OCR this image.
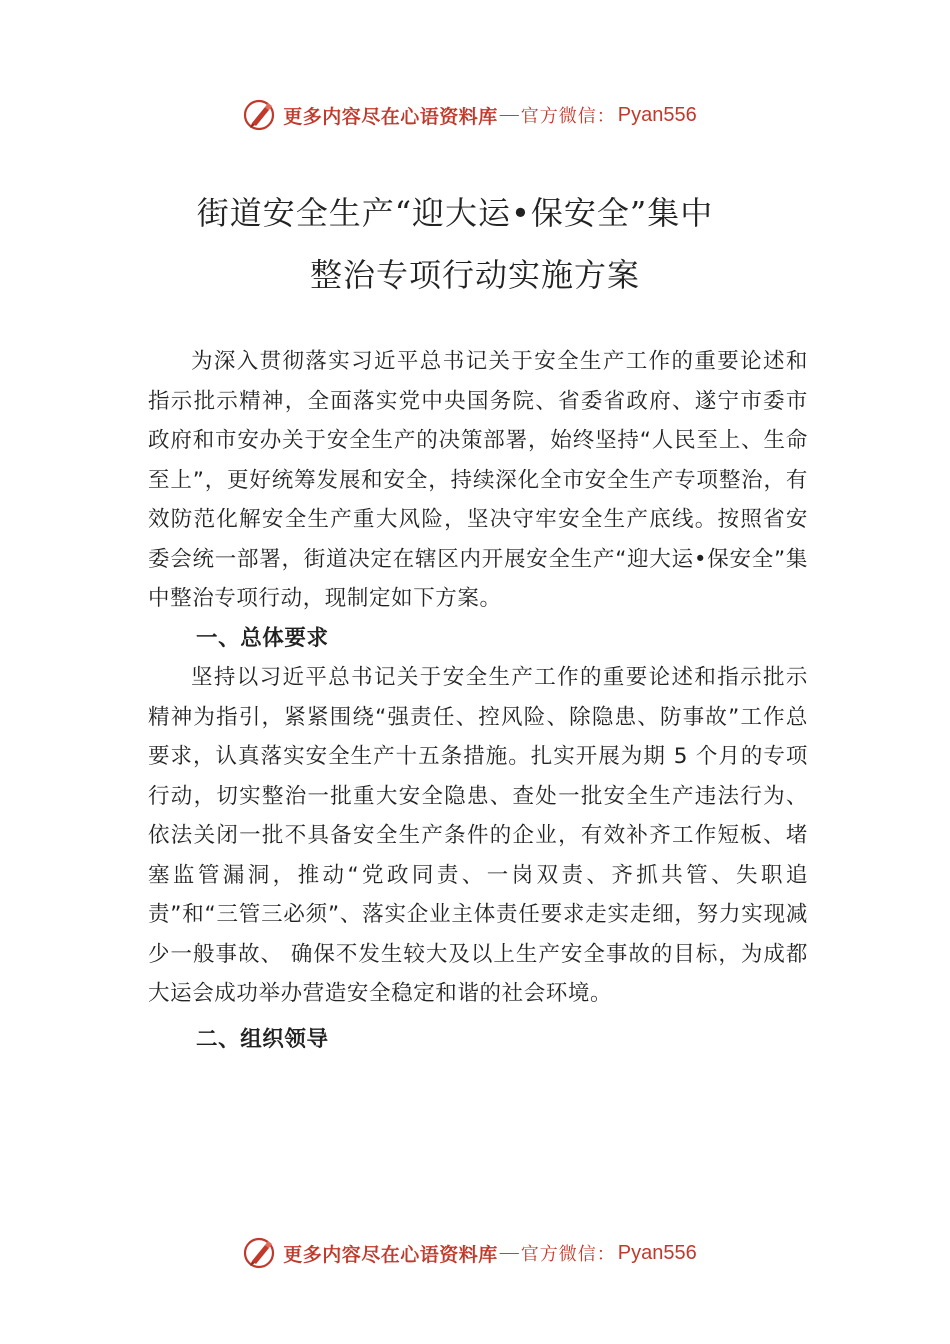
更多内容尽在心语资料库 — 官方微信： Pyan556
街道安全生产“迎大运•保安全”集中
整治专项行动实施方案

为深入贯彻落实习近平总书记关于安全生产工作的重要论述和指示批示精神，全面落实党中央国务院、省委省政府、遂宁市委市政府和市安办关于安全生产的决策部署，始终坚持“人民至上、生命至上”，更好统筹发展和安全，持续深化全市安全生产专项整治，有效防范化解安全生产重大风险，坚决守牢安全生产底线。按照省安委会统一部署，街道决定在辖区内开展安全生产“迎大运•保安全”集中整治专项行动，现制定如下方案。

一、总体要求

坚持以习近平总书记关于安全生产工作的重要论述和指示批示精神为指引，紧紧围绕“强责任、控风险、除隐患、防事故”工作总要求，认真落实安全生产十五条措施。扎实开展为期 5 个月的专项行动，切实整治一批重大安全隐患、查处一批安全生产违法行为、依法关闭一批不具备安全生产条件的企业，有效补齐工作短板、堵塞监管漏洞，推动“党政同责、一岗双责、齐抓共管、失职追责”和“三管三必须”、落实企业主体责任要求走实走细，努力实现减少一般事故、 确保不发生较大及以上生产安全事故的目标，为成都大运会成功举办营造安全稳定和谐的社会环境。

二、组织领导
更多内容尽在心语资料库 — 官方微信： Pyan556
